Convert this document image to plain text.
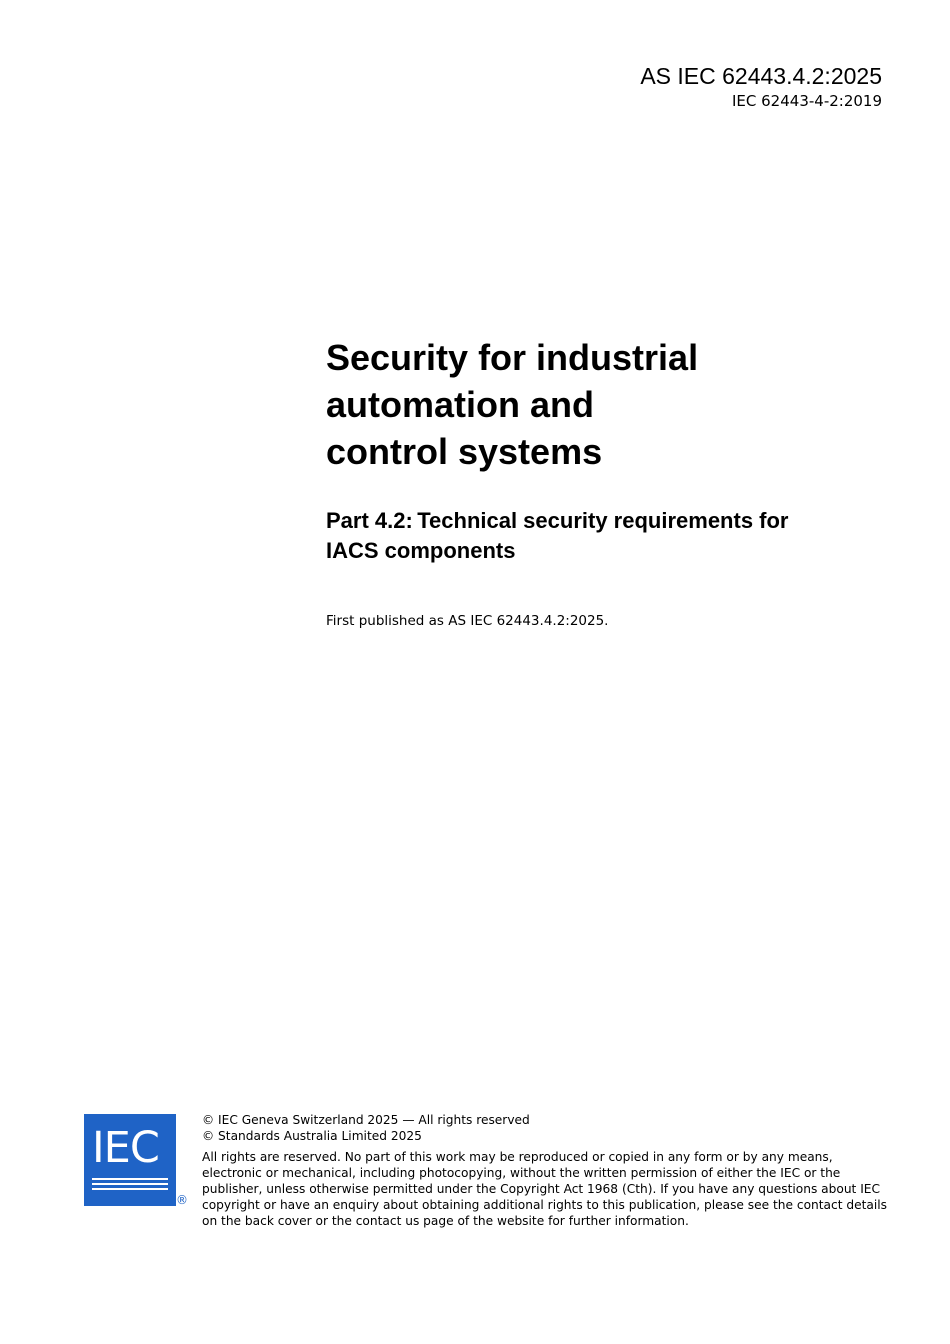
AS IEC 62443.4.2:2025
IEC 62443-4-2:2019
Security for industrial
automation and
control systems
Part 4.2: Technical security requirements for
IACS components
First published as AS IEC 62443.4.2:2025.
IEC
®
© IEC Geneva Switzerland 2025 — All rights reserved
© Standards Australia Limited 2025
All rights are reserved. No part of this work may be reproduced or copied in any form or by any means,
electronic or mechanical, including photocopying, without the written permission of either the IEC or the
publisher, unless otherwise permitted under the Copyright Act 1968 (Cth). If you have any questions about IEC
copyright or have an enquiry about obtaining additional rights to this publication, please see the contact details
on the back cover or the contact us page of the website for further information.
